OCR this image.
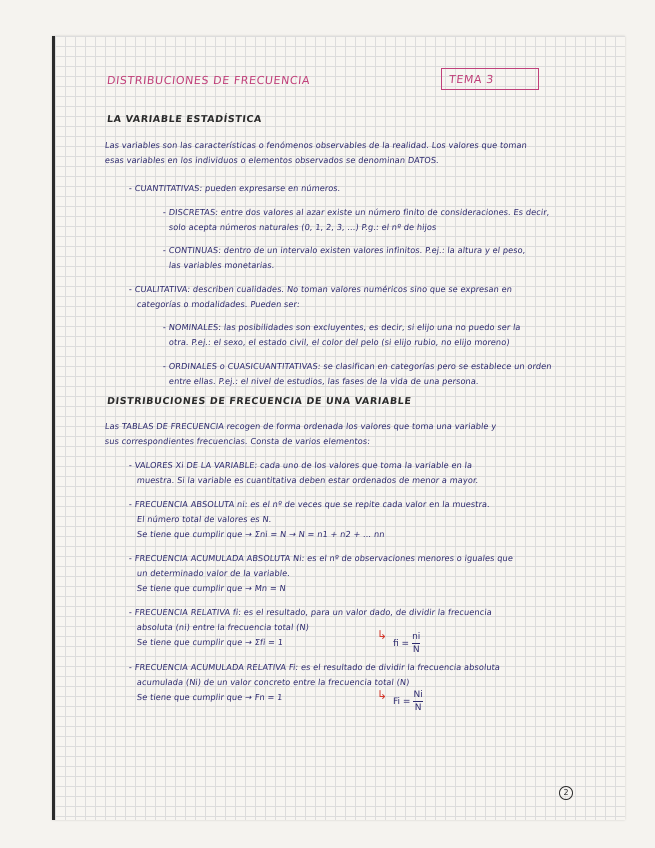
DISTRIBUCIONES DE FRECUENCIA	TEMA 3
LA VARIABLE ESTADÍSTICA
Las variables son las características o fenómenos observables de la realidad. Los valores que toman
esas variables en los individuos o elementos observados se denominan DATOS.
- CUANTITATIVAS: pueden expresarse en números.
- DISCRETAS: entre dos valores al azar existe un número finito de consideraciones. Es decir,
solo acepta números naturales (0, 1, 2, 3, ...) P.g.: el nº de hijos
- CONTINUAS: dentro de un intervalo existen valores infinitos. P.ej.: la altura y el peso,
las variables monetarias.
- CUALITATIVA: describen cualidades. No toman valores numéricos sino que se expresan en
categorías o modalidades. Pueden ser:
- NOMINALES: las posibilidades son excluyentes, es decir, si elijo una no puedo ser la
otra. P.ej.: el sexo, el estado civil, el color del pelo (si elijo rubio, no elijo moreno)
- ORDINALES o CUASICUANTITATIVAS: se clasifican en categorías pero se establece un orden
entre ellas. P.ej.: el nivel de estudios, las fases de la vida de una persona.
DISTRIBUCIONES DE FRECUENCIA DE UNA VARIABLE
Las TABLAS DE FRECUENCIA recogen de forma ordenada los valores que toma una variable y
sus correspondientes frecuencias. Consta de varios elementos:
- VALORES Xi DE LA VARIABLE: cada uno de los valores que toma la variable en la
muestra. Si la variable es cuantitativa deben estar ordenados de menor a mayor.
- FRECUENCIA ABSOLUTA ni: es el nº de veces que se repite cada valor en la muestra.
El número total de valores es N.
Se tiene que cumplir que → Σni = N → N = n1 + n2 + ... nn
- FRECUENCIA ACUMULADA ABSOLUTA Ni: es el nº de observaciones menores o iguales que
un determinado valor de la variable.
Se tiene que cumplir que → Mn = N
- FRECUENCIA RELATIVA fi: es el resultado, para un valor dado, de dividir la frecuencia
absoluta (ni) entre la frecuencia total (N)
Se tiene que cumplir que → Σfi = 1	↳
fi =
ni
N
- FRECUENCIA ACUMULADA RELATIVA Fi: es el resultado de dividir la frecuencia absoluta
acumulada (Ni) de un valor concreto entre la frecuencia total (N)
Se tiene que cumplir que → Fn = 1	↳ Fi =
Ni
N
2
